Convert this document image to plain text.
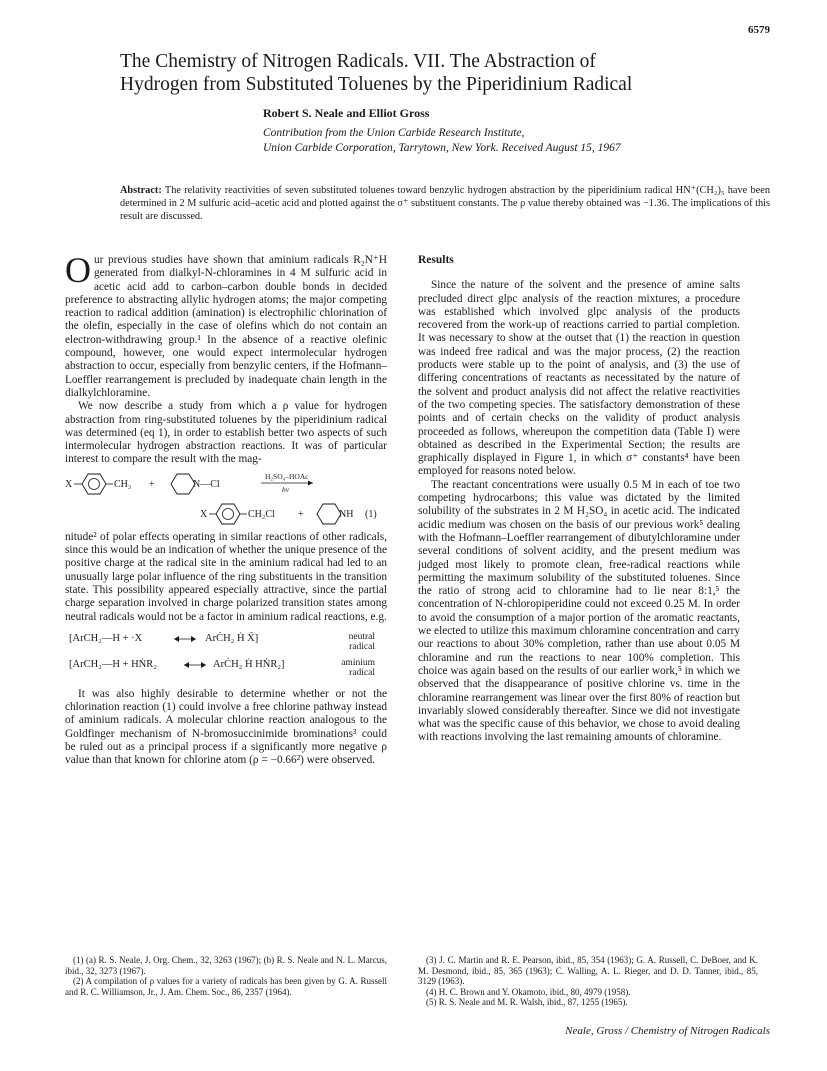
6579
The Chemistry of Nitrogen Radicals. VII. The Abstraction of
Hydrogen from Substituted Toluenes by the Piperidinium Radical
Robert S. Neale and Elliot Gross
Contribution from the Union Carbide Research Institute,
Union Carbide Corporation, Tarrytown, New York. Received August 15, 1967
Abstract: The relativity reactivities of seven substituted toluenes toward benzylic hydrogen abstraction by the piperidinium radical HN⁺(CH₂)₅ have been determined in 2 M sulfuric acid–acetic acid and plotted against the σ⁺ substituent constants. The ρ value thereby obtained was −1.36. The implications of this result are discussed.

Our previous studies have shown that aminium radicals R₂N⁺H generated from dialkyl-N-chloramines in 4 M sulfuric acid in acetic acid add to carbon–carbon double bonds in decided preference to abstracting allylic hydrogen atoms; the major competing reaction to radical addition (amination) is electrophilic chlorination of the olefin, especially in the case of olefins which do not contain an electron-withdrawing group.¹ In the absence of a reactive olefinic compound, however, one would expect intermolecular hydrogen abstraction to occur, especially from benzylic centers, if the Hofmann–Loeffler rearrangement is precluded by inadequate chain length in the dialkylchloramine.

We now describe a study from which a ρ value for hydrogen abstraction from ring-substituted toluenes by the piperidinium radical was determined (eq 1), in order to establish better two aspects of such intermolecular hydrogen abstraction reactions. It was of particular interest to compare the result with the mag-

X	CH₃ +	N—Cl
H₂SO₄–HOAc
hν
X	CH₂Cl +	NH (1)

nitude² of polar effects operating in similar reactions of other radicals, since this would be an indication of whether the unique presence of the positive charge at the radical site in the aminium radical had led to an unusually large polar influence of the ring substituents in the transition state. This possibility appeared especially attractive, since the partial charge separation involved in charge polarized transition states among neutral radicals would not be a factor in aminium radical reactions, e.g.

[ArCH₂—H + ·X	ArĊH₂ Ḣ X̄]	neutral
radical
[ArCH₂—H + HṄR₂	ArĊH₂ Ḣ HṄR₂]	aminium
radical

It was also highly desirable to determine whether or not the chlorination reaction (1) could involve a free chlorine pathway instead of aminium radicals. A molecular chlorine reaction analogous to the Goldfinger mechanism of N-bromosuccinimide brominations³ could be ruled out as a principal process if a significantly more negative ρ value than that known for chlorine atom (ρ = −0.66²) were observed.

Results

Since the nature of the solvent and the presence of amine salts precluded direct glpc analysis of the reaction mixtures, a procedure was established which involved glpc analysis of the products recovered from the work-up of reactions carried to partial completion. It was necessary to show at the outset that (1) the reaction in question was indeed free radical and was the major process, (2) the reaction products were stable up to the point of analysis, and (3) the use of differing concentrations of reactants as necessitated by the nature of the solvent and product analysis did not affect the relative reactivities of the two competing species. The satisfactory demonstration of these points and of certain checks on the validity of product analysis proceeded as follows, whereupon the competition data (Table I) were obtained as described in the Experimental Section; the results are graphically displayed in Figure 1, in which σ⁺ constants⁴ have been employed for reasons noted below.

The reactant concentrations were usually 0.5 M in each of toe two competing hydrocarbons; this value was dictated by the limited solubility of the substrates in 2 M H₂SO₄ in acetic acid. The indicated acidic medium was chosen on the basis of our previous work⁵ dealing with the Hofmann–Loeffler rearrangement of dibutylchloramine under several conditions of solvent acidity, and the present medium was judged most likely to promote clean, free-radical reactions while permitting the maximum solubility of the substituted toluenes. Since the ratio of strong acid to chloramine had to lie near 8:1,⁵ the concentration of N-chloropiperidine could not exceed 0.25 M. In order to avoid the consumption of a major portion of the aromatic reactants, we elected to utilize this maximum chloramine concentration and carry our reactions to about 30% completion, rather than use about 0.05 M chloramine and run the reactions to near 100% completion. This choice was again based on the results of our earlier work,⁵ in which we observed that the disappearance of positive chlorine vs. time in the chloramine rearrangement was linear over the first 80% of reaction but invariably slowed considerably thereafter. Since we did not investigate what was the specific cause of this behavior, we chose to avoid dealing with reactions involving the last remaining amounts of chloramine.

(1) (a) R. S. Neale, J. Org. Chem., 32, 3263 (1967); (b) R. S. Neale and N. L. Marcus, ibid., 32, 3273 (1967).

(2) A compilation of ρ values for a variety of radicals has been given by G. A. Russell and R. C. Williamson, Jr., J. Am. Chem. Soc., 86, 2357 (1964).

(3) J. C. Martin and R. E. Pearson, ibid., 85, 354 (1963); G. A. Russell, C. DeBoer, and K. M. Desmond, ibid., 85, 365 (1963); C. Walling, A. L. Rieger, and D. D. Tanner, ibid., 85, 3129 (1963).

(4) H. C. Brown and Y. Okamoto, ibid., 80, 4979 (1958).

(5) R. S. Neale and M. R. Walsh, ibid., 87, 1255 (1965).

Neale, Gross / Chemistry of Nitrogen Radicals
